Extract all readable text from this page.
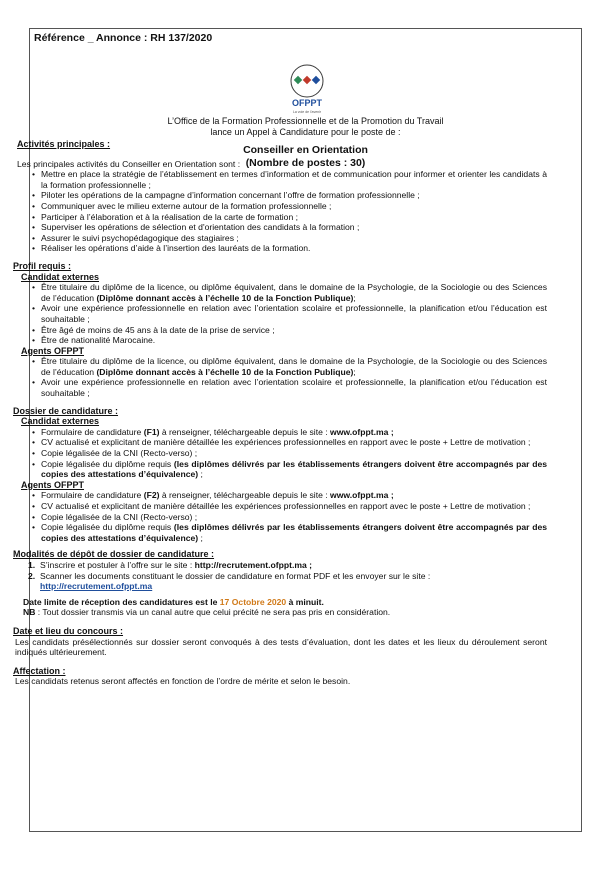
Référence _ Annonce : RH 137/2020
OFPPT
La voie de l'avenir
L’Office de la Formation Professionnelle et de la Promotion du Travail
lance un Appel à Candidature pour le poste de :
Conseiller en Orientation
(Nombre de postes : 30)
Activités principales :
Les principales activités du Conseiller en Orientation sont :
• Mettre en place la stratégie de l’établissement en termes d’information et de communication pour informer et orienter les candidats à la formation professionnelle ;
• Piloter les opérations de la campagne d’information concernant l’offre de formation professionnelle ;
• Communiquer avec le milieu externe autour de la formation professionnelle ;
• Participer à l’élaboration et à la réalisation de la carte de formation ;
• Superviser les opérations de sélection et d'orientation des candidats à la formation ;
• Assurer le suivi psychopédagogique des stagiaires ;
• Réaliser les opérations d’aide à l’insertion des lauréats de la formation.
Profil requis :
Candidat externes
• Être titulaire du diplôme de la licence, ou diplôme équivalent, dans le domaine de la Psychologie, de la Sociologie ou des Sciences de l’éducation (Diplôme donnant accès à l’échelle 10 de la Fonction Publique);
• Avoir une expérience professionnelle en relation avec l’orientation scolaire et professionnelle, la planification et/ou l’éducation est souhaitable ;
• Être âgé de moins de 45 ans à la date de la prise de service ;
• Être de nationalité Marocaine.
Agents OFPPT
• Être titulaire du diplôme de la licence, ou diplôme équivalent, dans le domaine de la Psychologie, de la Sociologie ou des Sciences de l’éducation (Diplôme donnant accès à l’échelle 10 de la Fonction Publique);
• Avoir une expérience professionnelle en relation avec l’orientation scolaire et professionnelle, la planification et/ou l’éducation est souhaitable ;
Dossier de candidature :
Candidat externes
• Formulaire de candidature (F1) à renseigner, téléchargeable depuis le site : www.ofppt.ma ;
• CV actualisé et explicitant de manière détaillée les expériences professionnelles en rapport avec le poste + Lettre de motivation ;
• Copie légalisée de la CNI (Recto-verso) ;
• Copie légalisée du diplôme requis (les diplômes délivrés par les établissements étrangers doivent être accompagnés par des copies des attestations d’équivalence) ;
Agents OFPPT
• Formulaire de candidature (F2) à renseigner, téléchargeable depuis le site : www.ofppt.ma ;
• CV actualisé et explicitant de manière détaillée les expériences professionnelles en rapport avec le poste + Lettre de motivation ;
• Copie légalisée de la CNI (Recto-verso) ;
• Copie légalisée du diplôme requis (les diplômes délivrés par les établissements étrangers doivent être accompagnés par des copies des attestations d’équivalence) ;
Modalités de dépôt de dossier de candidature :
1. S’inscrire et postuler à l’offre sur le site : http://recrutement.ofppt.ma ;
2. Scanner les documents constituant le dossier de candidature en format PDF et les envoyer sur le site :
http://recrutement.ofppt.ma
Date limite de réception des candidatures est le 17 Octobre 2020 à minuit.
NB : Tout dossier transmis via un canal autre que celui précité ne sera pas pris en considération.
Date et lieu du concours :
Les candidats présélectionnés sur dossier seront convoqués à des tests d’évaluation, dont les dates et les lieux du déroulement seront indiqués ultérieurement.
Affectation :
Les candidats retenus seront affectés en fonction de l’ordre de mérite et selon le besoin.
